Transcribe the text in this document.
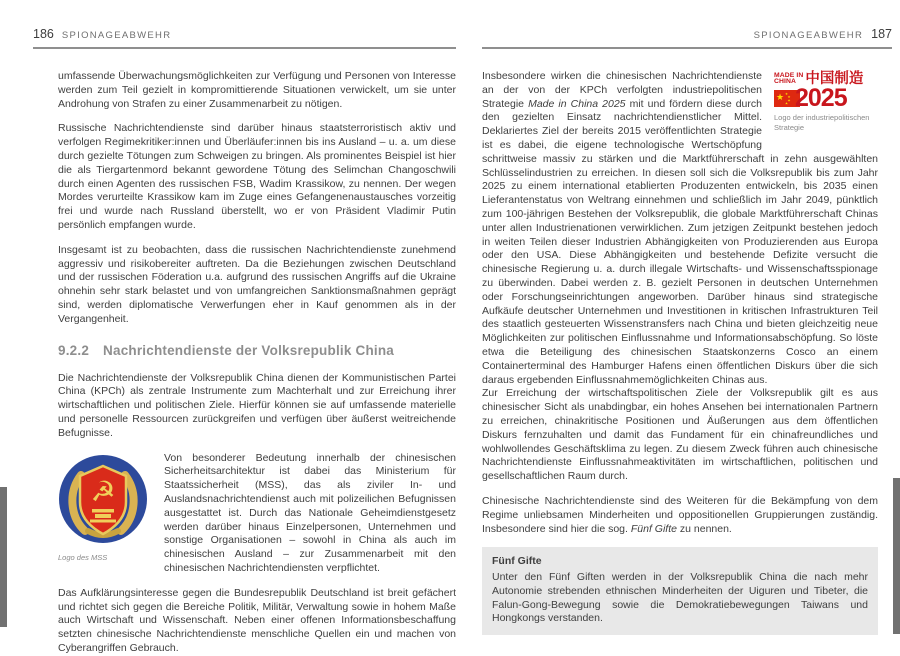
186 SPIONAGEABWEHR

umfassende Überwachungsmöglichkeiten zur Verfügung und Personen von Interesse werden zum Teil gezielt in kompromittierende Situationen verwickelt, um sie unter Androhung von Strafen zu einer Zusammenarbeit zu nötigen.

Russische Nachrichtendienste sind darüber hinaus staatsterroristisch aktiv und verfolgen Regimekritiker:innen und Überläufer:innen bis ins Ausland – u. a. um diese durch gezielte Tötungen zum Schweigen zu bringen. Als prominentes Beispiel ist hier die als Tiergartenmord bekannt gewordene Tötung des Selimchan Changoschwili durch einen Agenten des russischen FSB, Wadim Krassikow, zu nennen. Der wegen Mordes verurteilte Krassikow kam im Zuge eines Gefangenenaustausches vorzeitig frei und wurde nach Russland überstellt, wo er von Präsident Vladimir Putin persönlich empfangen wurde.

Insgesamt ist zu beobachten, dass die russischen Nachrichtendienste zunehmend aggressiv und risikobereiter auftreten. Da die Beziehungen zwischen Deutschland und der russischen Föderation u.a. aufgrund des russischen Angriffs auf die Ukraine ohnehin sehr stark belastet und von umfangreichen Sanktionsmaßnahmen geprägt sind, werden diplomatische Verwerfungen eher in Kauf genommen als in der Vergangenheit.

9.2.2 Nachrichtendienste der Volksrepublik China

Die Nachrichtendienste der Volksrepublik China dienen der Kommunistischen Partei China (KPCh) als zentrale Instrumente zum Machterhalt und zur Erreichung ihrer wirtschaftlichen und politischen Ziele. Hierfür können sie auf umfassende materielle und personelle Ressourcen zurückgreifen und verfügen über äußerst weitreichende Befugnisse.

☭
Logo des MSS

Von besonderer Bedeutung innerhalb der chinesischen Sicherheitsarchitektur ist dabei das Ministerium für Staatssicherheit (MSS), das als ziviler In- und Auslandsnachrichtendienst auch mit polizeilichen Befugnissen ausgestattet ist. Durch das Nationale Geheimdienstgesetz werden darüber hinaus Einzelpersonen, Unternehmen und sonstige Organisationen – sowohl in China als auch im chinesischen Ausland – zur Zusammenarbeit mit den chinesischen Nachrichtendiensten verpflichtet.

Das Aufklärungsinteresse gegen die Bundesrepublik Deutschland ist breit gefächert und richtet sich gegen die Bereiche Politik, Militär, Verwaltung sowie in hohem Maße auch Wirtschaft und Wissenschaft. Neben einer offenen Informationsbeschaffung setzten chinesische Nachrichtendienste menschliche Quellen ein und machen von Cyberangriffen Gebrauch.

SPIONAGEABWEHR 187
MADE IN
CHINA 中国制造
★ ★
★
★
★ 2025
Logo der industriepolitischen Strategie

Insbesondere wirken die chinesischen Nachrichtendienste an der von der KPCh verfolgten industriepolitischen Strategie Made in China 2025 mit und fördern diese durch den gezielten Einsatz nachrichtendienstlicher Mittel. Deklariertes Ziel der bereits 2015 veröffentlichten Strategie ist es dabei, die eigene technologische Wertschöpfung schrittweise massiv zu stärken und die Marktführerschaft in zehn ausgewählten Schlüsselindustrien zu erreichen. In diesen soll sich die Volksrepublik bis zum Jahr 2025 zu einem international etablierten Produzenten entwickeln, bis 2035 einen Lieferantenstatus von Weltrang einnehmen und schließlich im Jahr 2049, pünktlich zum 100-jährigen Bestehen der Volksrepublik, die globale Marktführerschaft Chinas unter allen Industrienationen verwirklichen. Zum jetzigen Zeitpunkt bestehen jedoch in weiten Teilen dieser Industrien Abhängigkeiten von Produzierenden aus Europa oder den USA. Diese Abhängigkeiten und bestehende Defizite versucht die chinesische Regierung u. a. durch illegale Wirtschafts- und Wissenschaftsspionage zu überwinden. Dabei werden z. B. gezielt Personen in deutschen Unternehmen oder Forschungseinrichtungen angeworben. Darüber hinaus sind strategische Aufkäufe deutscher Unternehmen und Investitionen in kritischen Infrastrukturen Teil des staatlich gesteuerten Wissenstransfers nach China und bieten gleichzeitig neue Möglichkeiten zur politischen Einflussnahme und Informationsabschöpfung. So löste etwa die Beteiligung des chinesischen Staatskonzerns Cosco an einem Containerterminal des Hamburger Hafens einen öffentlichen Diskurs über die sich daraus ergebenden Einflussnahmemöglichkeiten Chinas aus.

Zur Erreichung der wirtschaftspolitischen Ziele der Volksrepublik gilt es aus chinesischer Sicht als unabdingbar, ein hohes Ansehen bei internationalen Partnern zu erreichen, chinakritische Positionen und Äußerungen aus dem öffentlichen Diskurs fernzuhalten und damit das Fundament für ein chinafreundliches und wohlwollendes Geschäftsklima zu legen. Zu diesem Zweck führen auch chinesische Nachrichtendienste Einflussnahmeaktivitäten im wirtschaftlichen, politischen und gesellschaftlichen Raum durch.

Chinesische Nachrichtendienste sind des Weiteren für die Bekämpfung von dem Regime unliebsamen Minderheiten und oppositionellen Gruppierungen zuständig. Insbesondere sind hier die sog. Fünf Gifte zu nennen.

Fünf Gifte
Unter den Fünf Giften werden in der Volksrepublik China die nach mehr Autonomie strebenden ethnischen Minderheiten der Uiguren und Tibeter, die Falun-Gong-Bewegung sowie die Demokratiebewegungen Taiwans und Hongkongs verstanden.
